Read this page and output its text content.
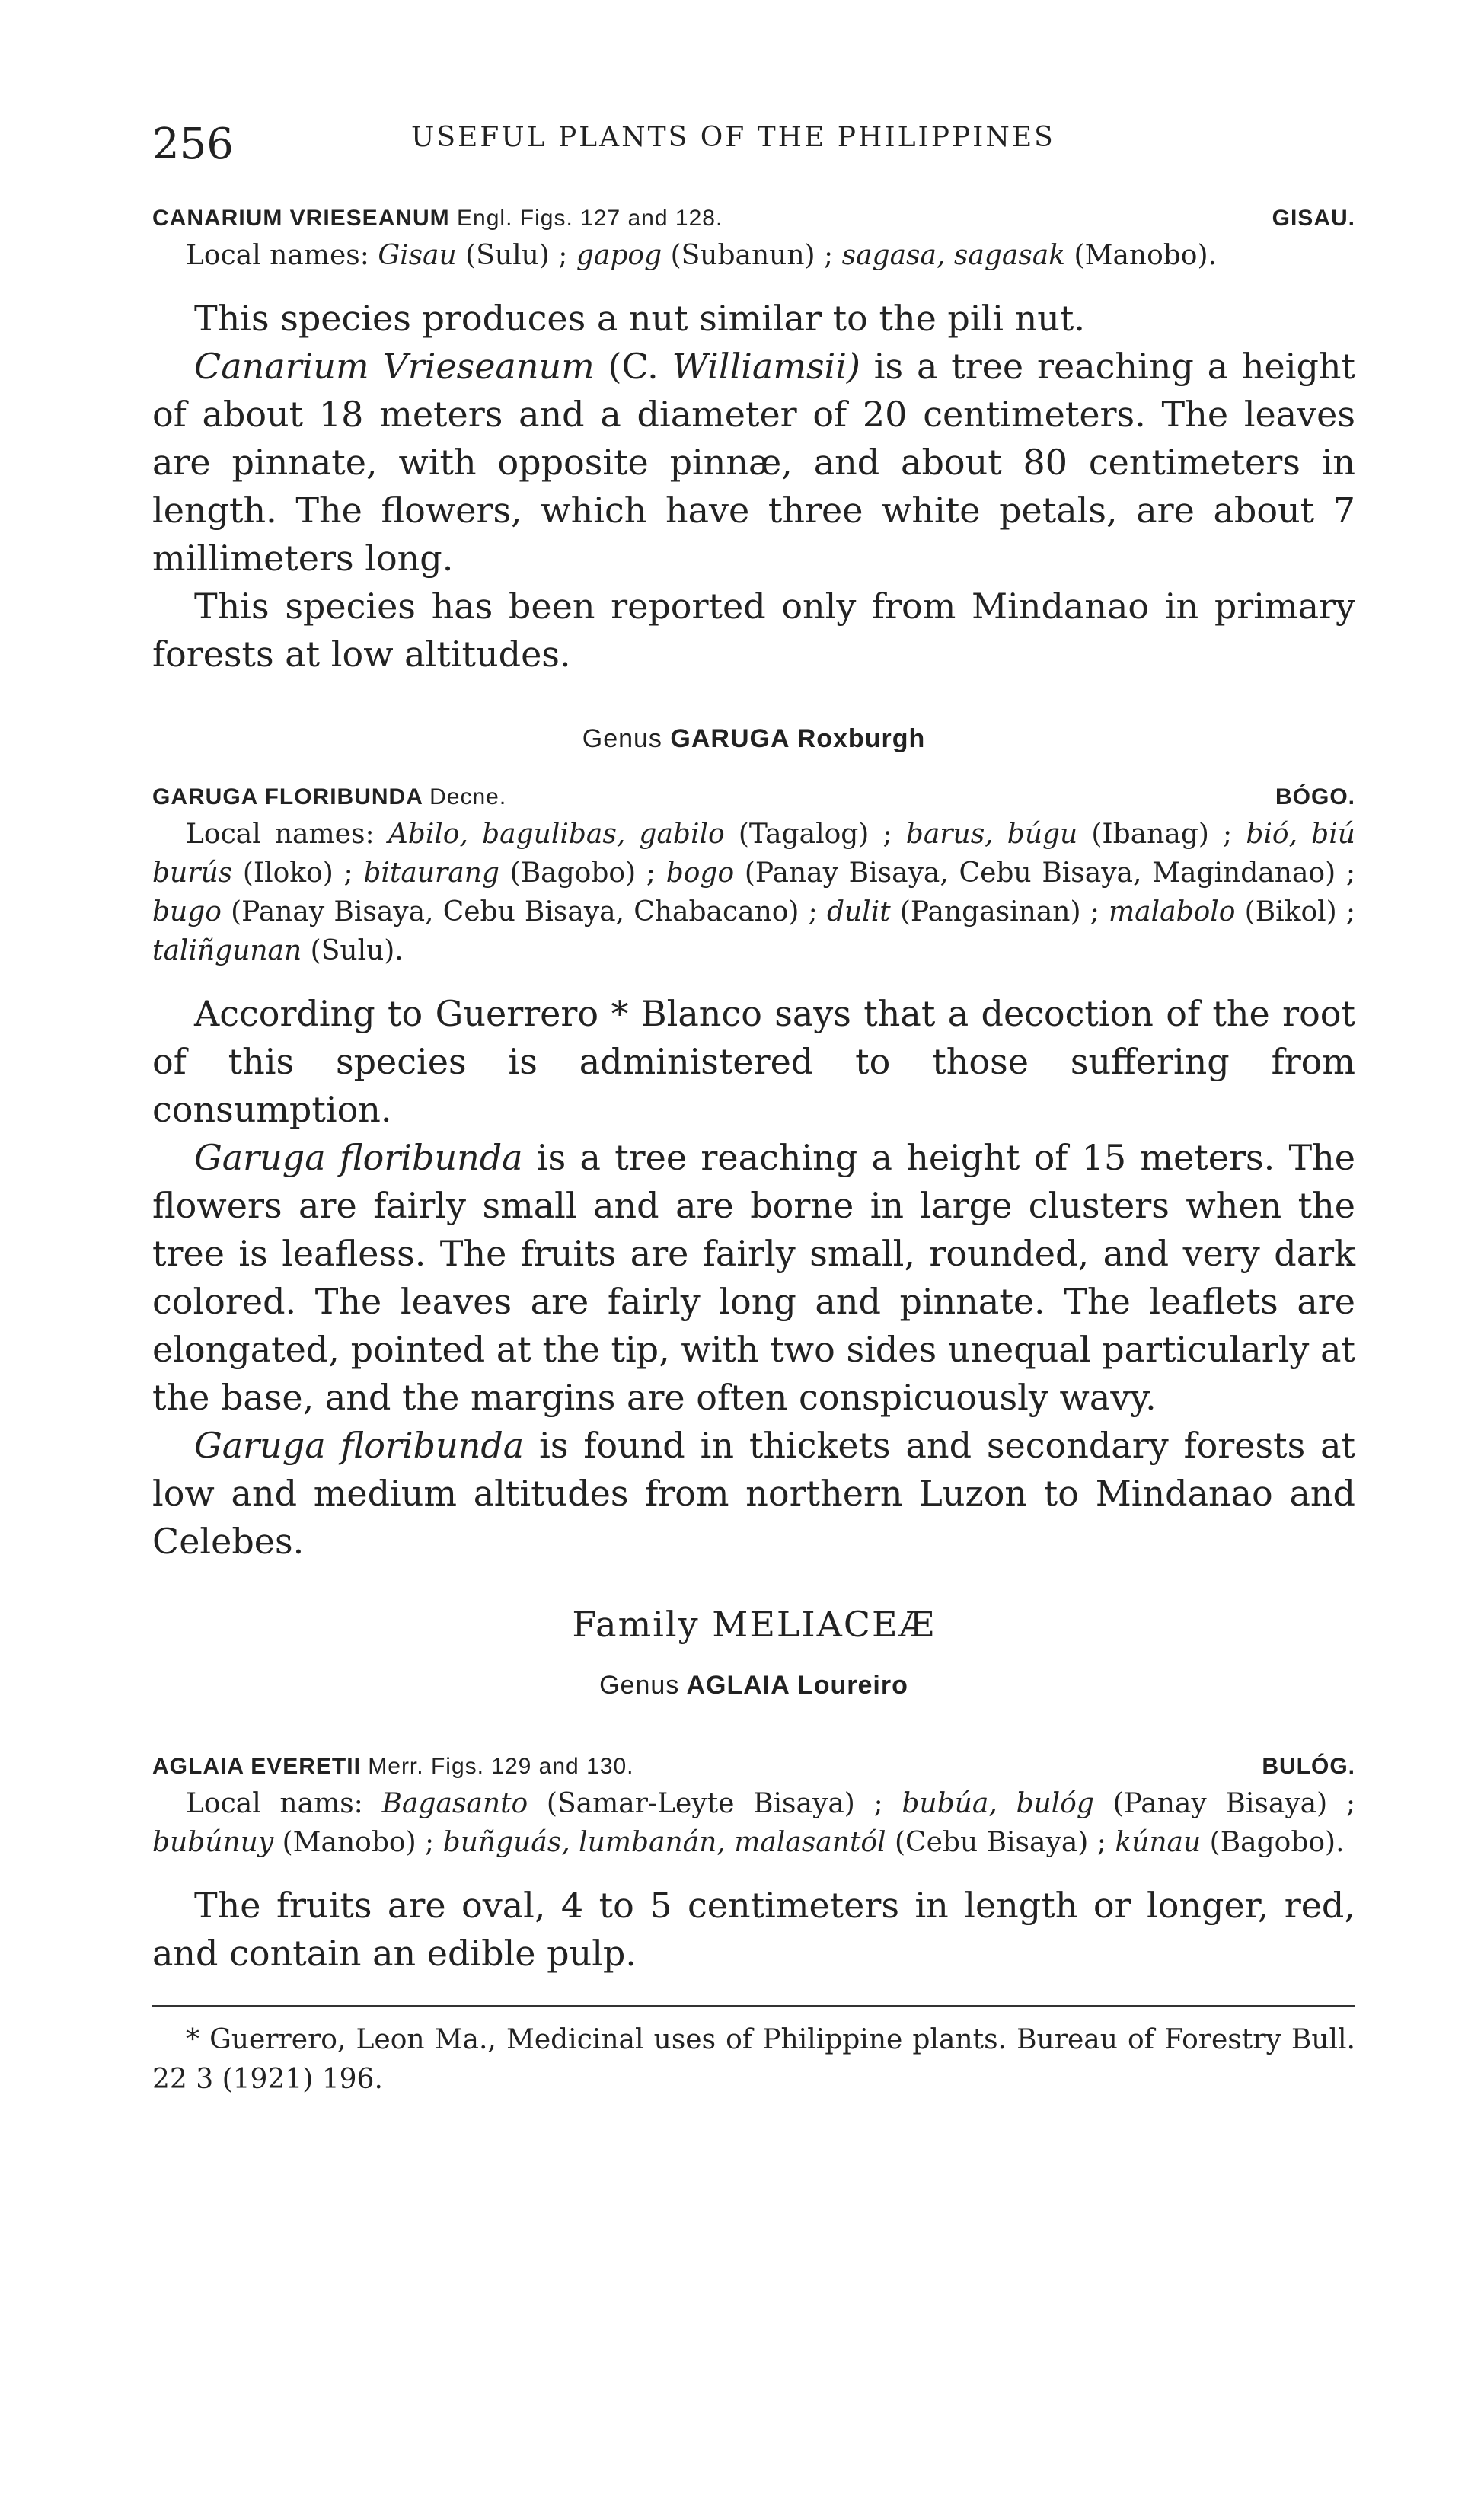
256	USEFUL PLANTS OF THE PHILIPPINES
CANARIUM VRIESEANUM Engl. Figs. 127 and 128.	GISAU.
Local names: Gisau (Sulu) ; gapog (Subanun) ; sagasa, sagasak (Manobo).

This species produces a nut similar to the pili nut.

Canarium Vrieseanum (C. Williamsii) is a tree reaching a height of about 18 meters and a diameter of 20 centimeters. The leaves are pinnate, with opposite pinnæ, and about 80 centimeters in length. The flowers, which have three white petals, are about 7 millimeters long.

This species has been reported only from Mindanao in primary forests at low altitudes.

Genus GARUGA Roxburgh
GARUGA FLORIBUNDA Decne.	BÓGO.
Local names: Abilo, bagulibas, gabilo (Tagalog) ; barus, búgu (Ibanag) ; bió, biú burús (Iloko) ; bitaurang (Bagobo) ; bogo (Panay Bisaya, Cebu Bisaya, Magindanao) ; bugo (Panay Bisaya, Cebu Bisaya, Chabacano) ; dulit (Pangasinan) ; malabolo (Bikol) ; taliñgunan (Sulu).

According to Guerrero * Blanco says that a decoction of the root of this species is administered to those suffering from consumption.

Garuga floribunda is a tree reaching a height of 15 meters. The flowers are fairly small and are borne in large clusters when the tree is leafless. The fruits are fairly small, rounded, and very dark colored. The leaves are fairly long and pinnate. The leaflets are elongated, pointed at the tip, with two sides unequal particularly at the base, and the margins are often conspicuously wavy.

Garuga floribunda is found in thickets and secondary forests at low and medium altitudes from northern Luzon to Mindanao and Celebes.

Family MELIACEÆ
Genus AGLAIA Loureiro
AGLAIA EVERETII Merr. Figs. 129 and 130.	BULÓG.
Local nams: Bagasanto (Samar-Leyte Bisaya) ; bubúa, bulóg (Panay Bisaya) ; bubúnuy (Manobo) ; buñguás, lumbanán, malasantól (Cebu Bisaya) ; kúnau (Bagobo).

The fruits are oval, 4 to 5 centimeters in length or longer, red, and contain an edible pulp.

* Guerrero, Leon Ma., Medicinal uses of Philippine plants. Bureau of Forestry Bull. 22 3 (1921) 196.
